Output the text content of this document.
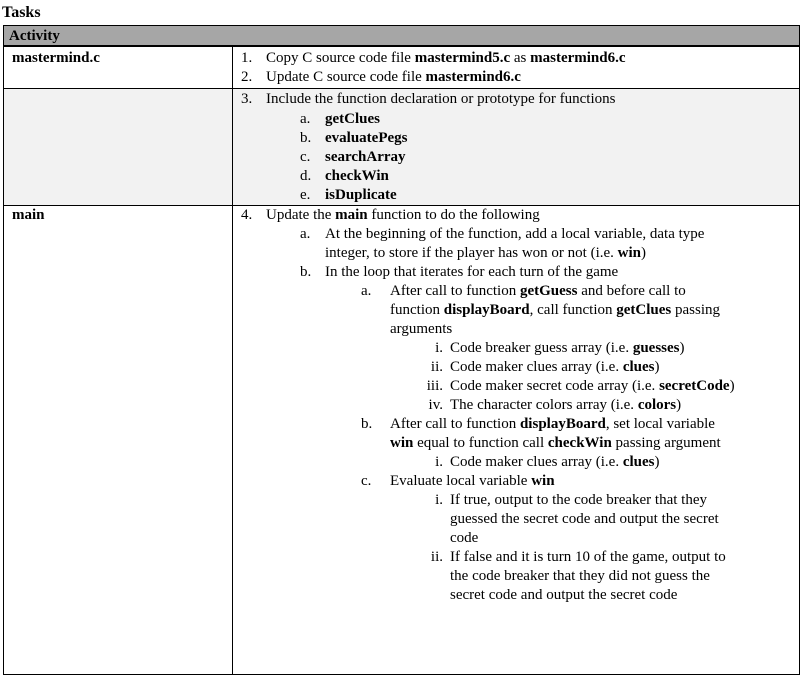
Tasks
Activity
mastermind.c	1. Copy C source code file mastermind5.c as mastermind6.c
2. Update C source code file mastermind6.c
3. Include the function declaration or prototype for functions
a. getClues
b. evaluatePegs
c. searchArray
d. checkWin
e. isDuplicate
main	4. Update the main function to do the following
a. At the beginning of the function, add a local variable, data type
integer, to store if the player has won or not (i.e. win)
b. In the loop that iterates for each turn of the game
a. After call to function getGuess and before call to
function displayBoard, call function getClues passing
arguments
i. Code breaker guess array (i.e. guesses)
ii. Code maker clues array (i.e. clues)
iii. Code maker secret code array (i.e. secretCode)
iv. The character colors array (i.e. colors)
b. After call to function displayBoard, set local variable
win equal to function call checkWin passing argument
i. Code maker clues array (i.e. clues)
c. Evaluate local variable win
i. If true, output to the code breaker that they
guessed the secret code and output the secret
code
ii. If false and it is turn 10 of the game, output to
the code breaker that they did not guess the
secret code and output the secret code
